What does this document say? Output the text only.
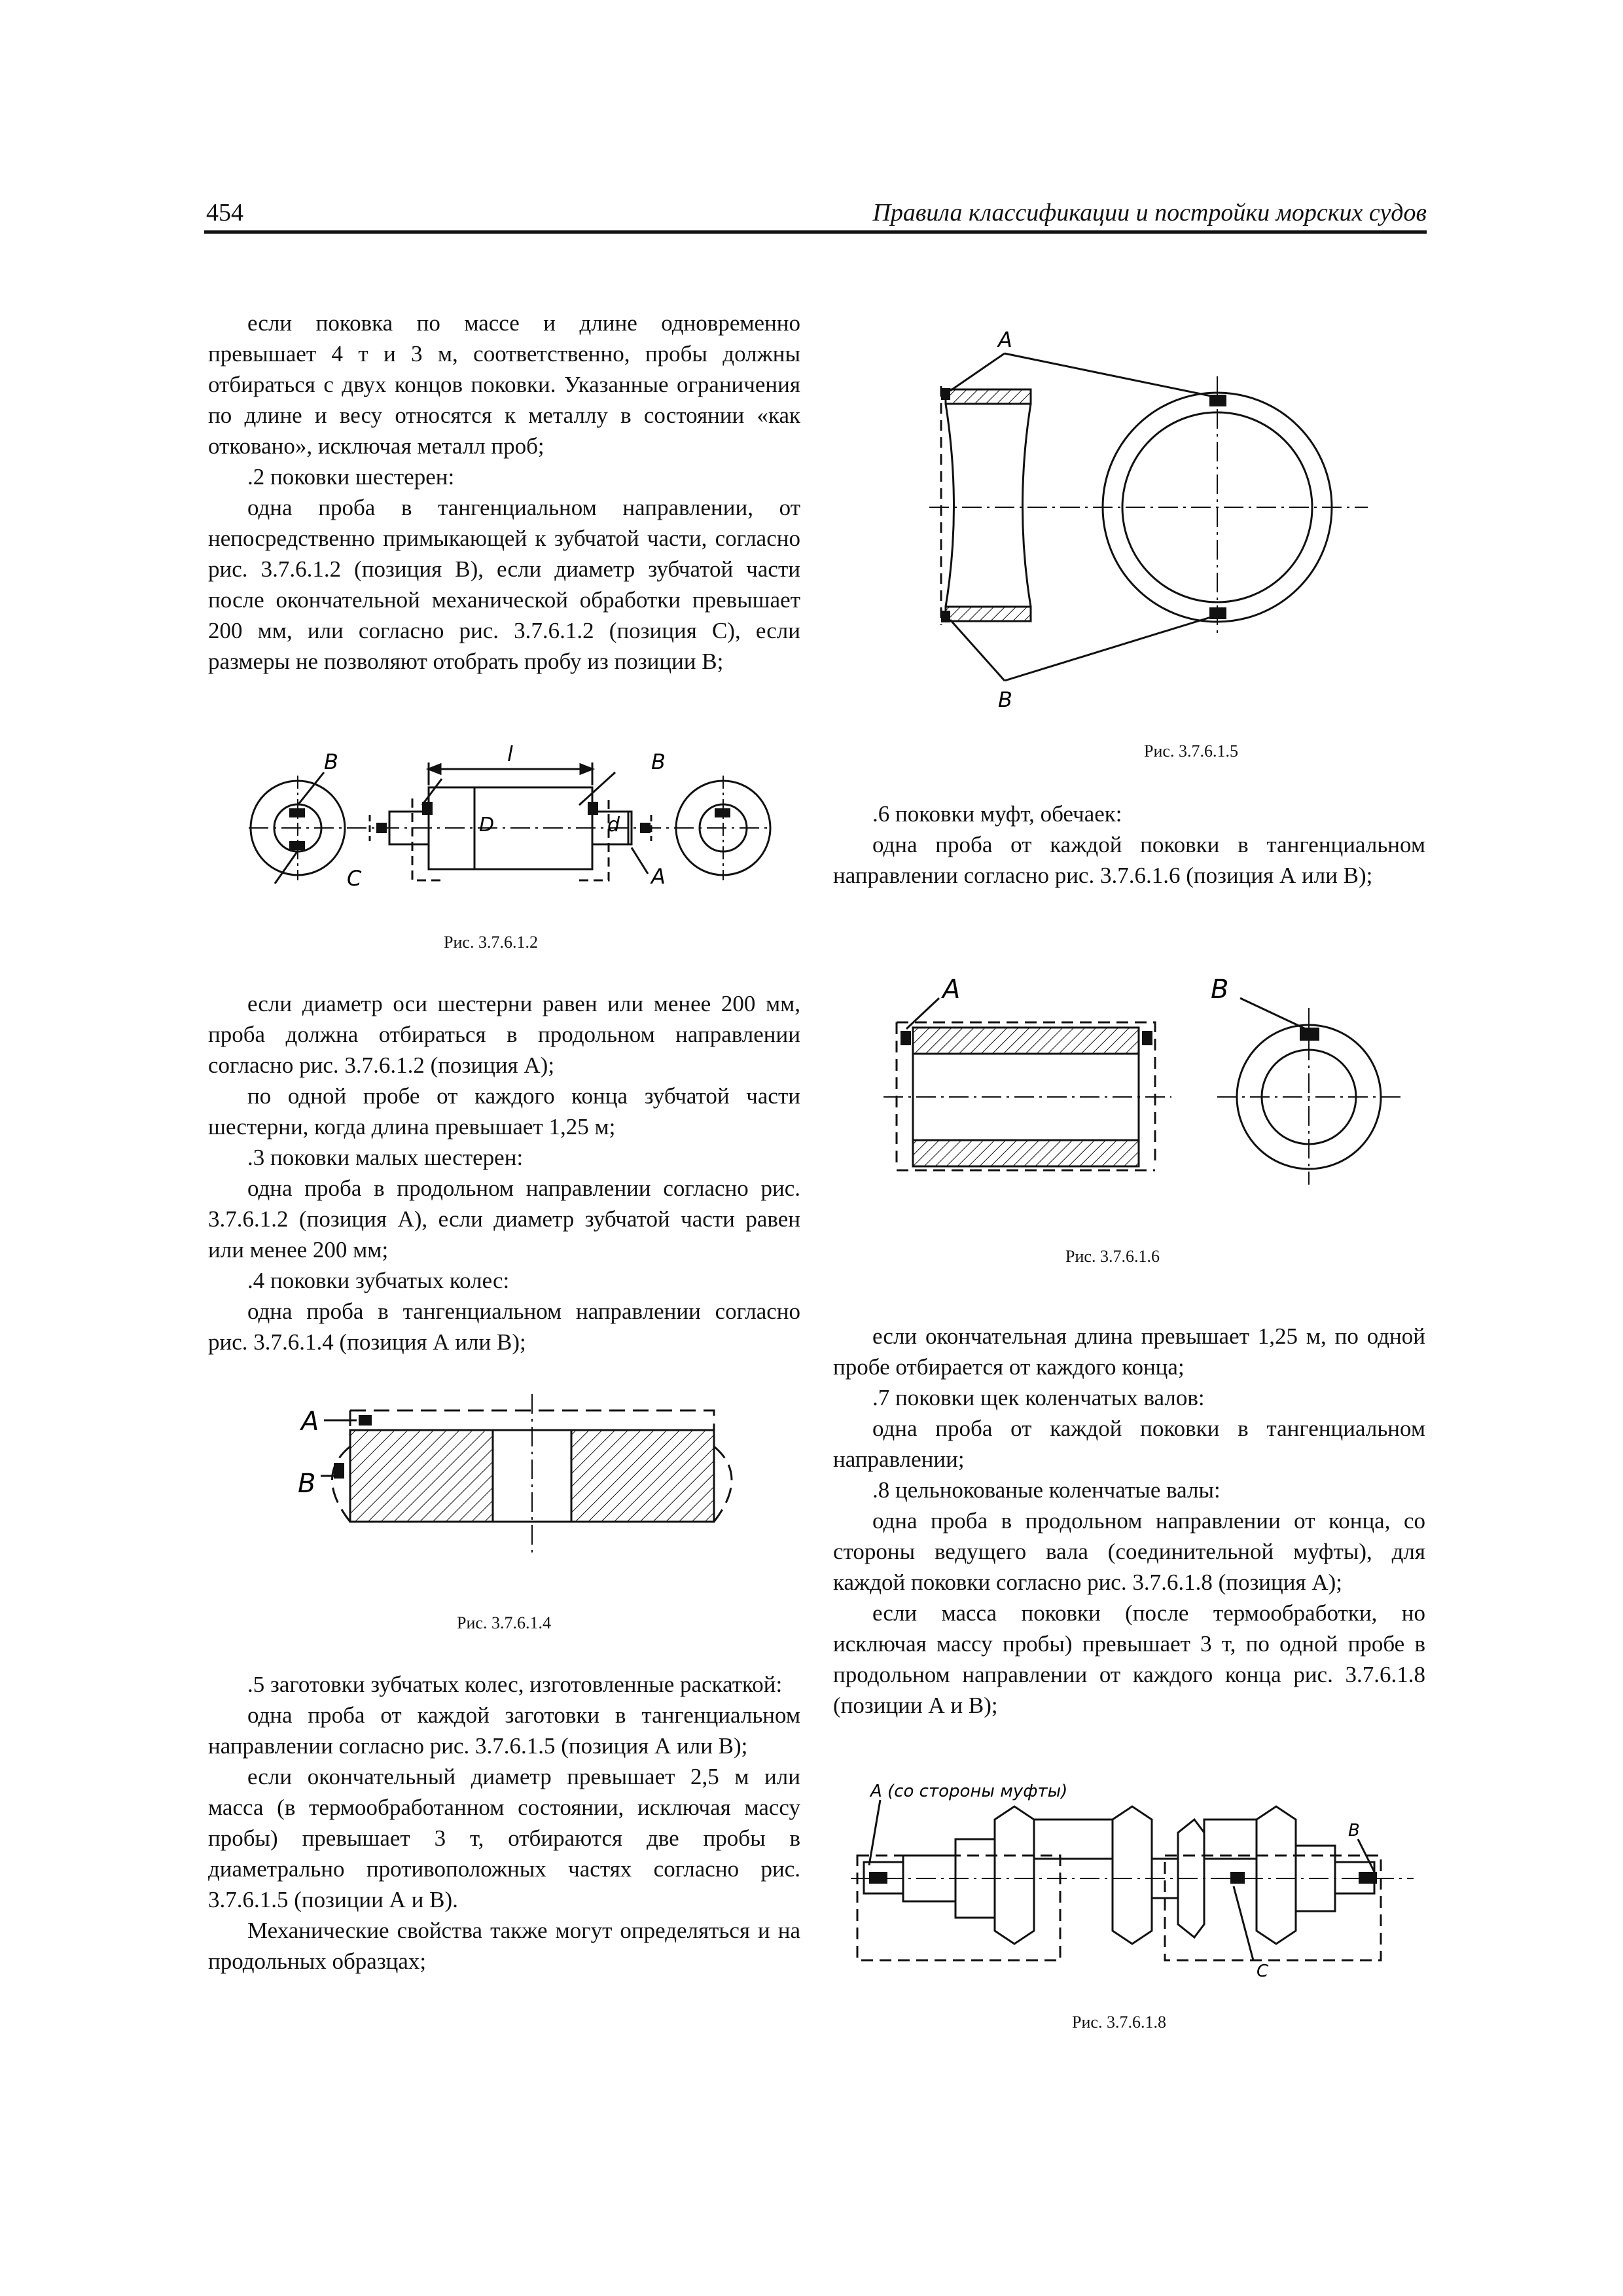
454	Правила классификации и постройки морских судов

если поковка по массе и длине одновременно превышает 4 т и 3 м, соответственно, пробы должны отбираться с двух концов поковки. Указанные ограничения по длине и весу относятся к металлу в состоянии «как отковано», исключая металл проб;

.2 поковки шестерен:

одна проба в тангенциальном направлении, от непосредственно примыкающей к зубчатой части, согласно рис. 3.7.6.1.2 (позиция В), если диаметр зубчатой части после окончательной механической обработки превышает 200 мм, или согласно рис. 3.7.6.1.2 (позиция С), если размеры не позволяют отобрать пробу из позиции В;

B	B
C	A
l
D	d
Рис. 3.7.6.1.2

если диаметр оси шестерни равен или менее 200 мм, проба должна отбираться в продольном направлении согласно рис. 3.7.6.1.2 (позиция А);

по одной пробе от каждого конца зубчатой части шестерни, когда длина превышает 1,25 м;

.3 поковки малых шестерен:

одна проба в продольном направлении согласно рис. 3.7.6.1.2 (позиция А), если диаметр зубчатой части равен или менее 200 мм;

.4 поковки зубчатых колес:

одна проба в тангенциальном направлении согласно рис. 3.7.6.1.4 (позиция А или В);

A
B
Рис. 3.7.6.1.4

.5 заготовки зубчатых колес, изготовленные раскаткой:

одна проба от каждой заготовки в тангенциальном направлении согласно рис. 3.7.6.1.5 (позиция А или В);

если окончательный диаметр превышает 2,5 м или масса (в термообработанном состоянии, исключая массу пробы) превышает 3 т, отбираются две пробы в диаметрально противоположных частях согласно рис. 3.7.6.1.5 (позиции А и В).

Механические свойства также могут определяться и на продольных образцах;

A
B
Рис. 3.7.6.1.5

.6 поковки муфт, обечаек:

одна проба от каждой поковки в тангенциальном направлении согласно рис. 3.7.6.1.6 (позиция А или В);

A	B
Рис. 3.7.6.1.6

если окончательная длина превышает 1,25 м, по одной пробе отбирается от каждого конца;

.7 поковки щек коленчатых валов:

одна проба от каждой поковки в тангенциальном направлении;

.8 цельнокованые коленчатые валы:

одна проба в продольном направлении от конца, со стороны ведущего вала (соединительной муфты), для каждой поковки согласно рис. 3.7.6.1.8 (позиция А);

если масса поковки (после термообработки, но исключая массу пробы) превышает 3 т, по одной пробе в продольном направлении от каждого конца рис. 3.7.6.1.8 (позиции А и В);

A (со стороны муфты)
B
C
Рис. 3.7.6.1.8
